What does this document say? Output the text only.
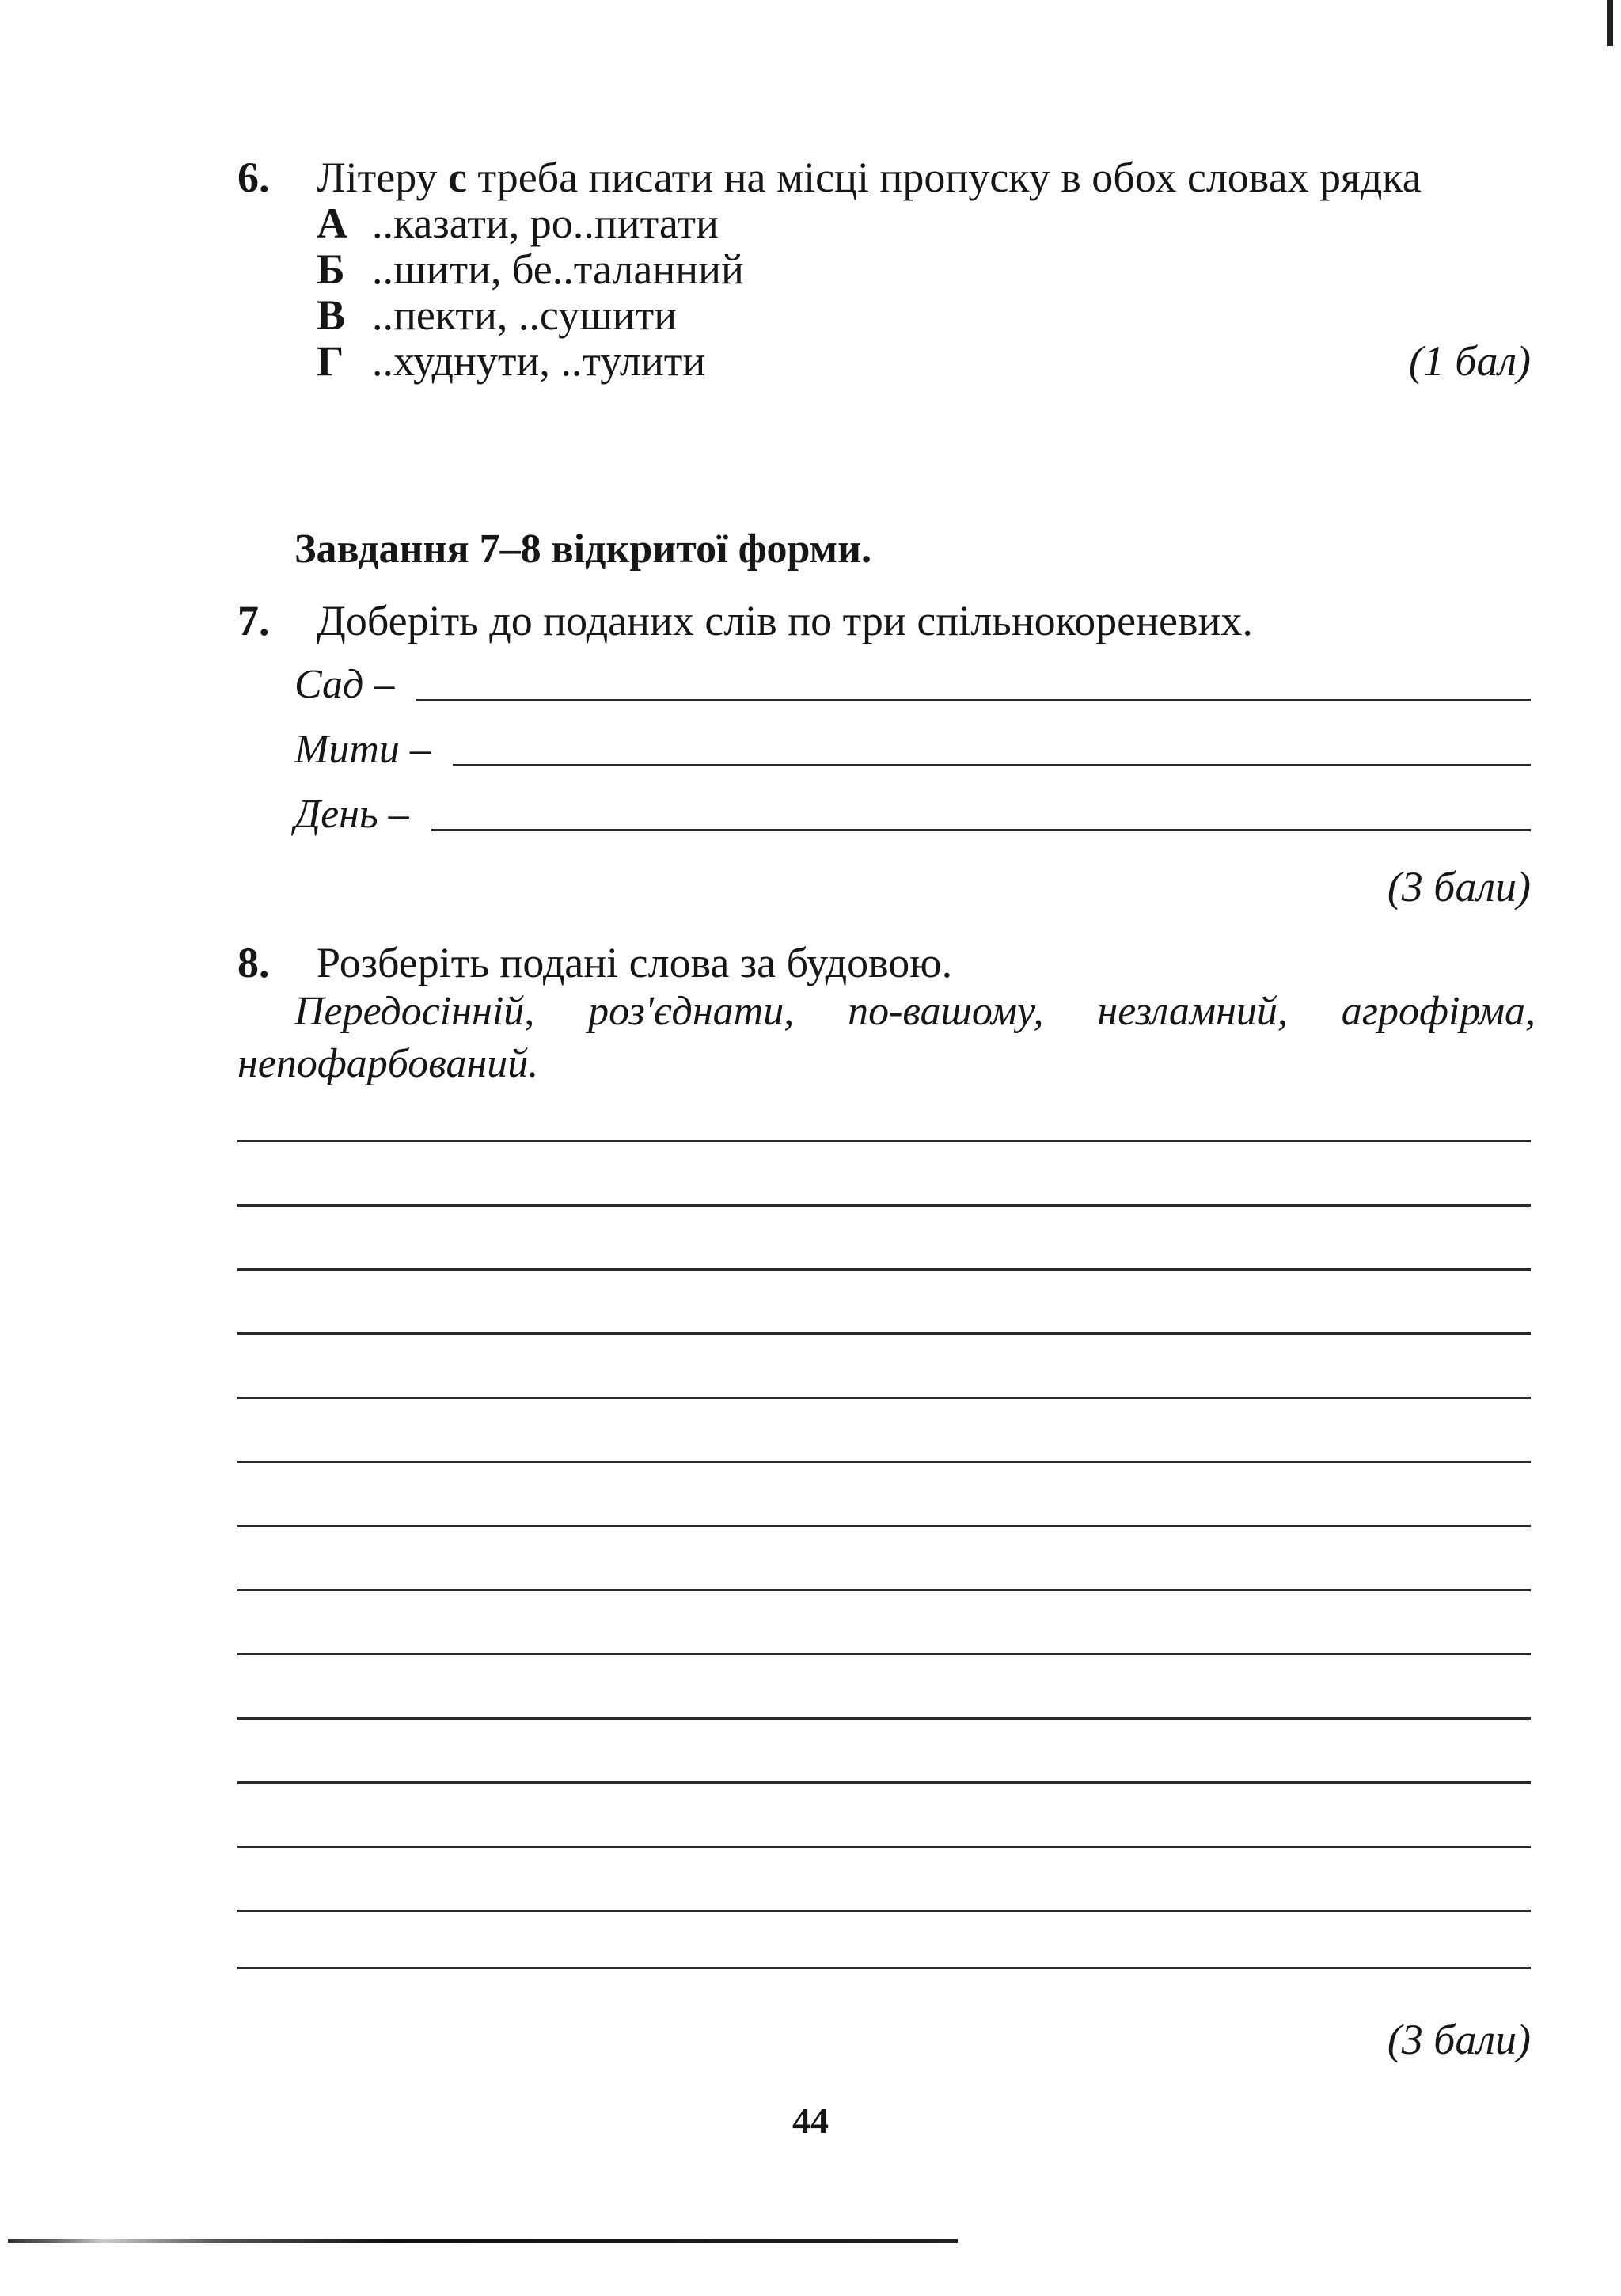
6.	Літеру с треба писати на місці пропуску в обох словах рядка
А ..казати, ро..питати
Б ..шити, бе..таланний
В ..пекти, ..сушити
Г ..худнути, ..тулити	(1 бал)
Завдання 7–8 відкритої форми.
7.	Доберіть до поданих слів по три спільнокореневих.
Сад –
Мити –
День –
(3 бали)
8.	Розберіть подані слова за будовою.
Передосінній, роз'єднати, по-вашому, незламний, агрофірма, непофарбований.
(3 бали)
44
